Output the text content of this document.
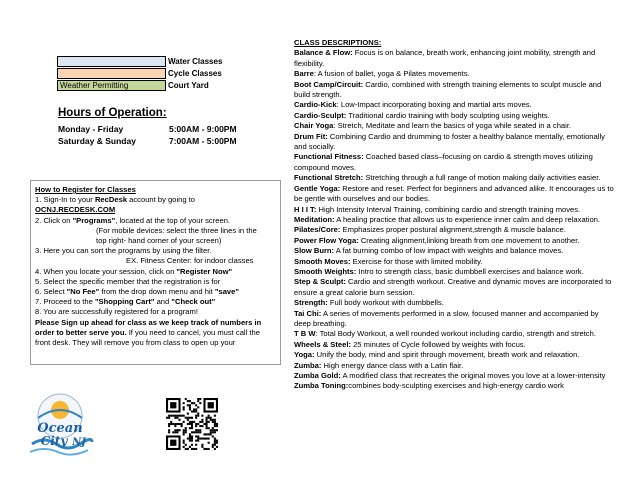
Water Classes
Cycle Classes
Weather Permitting	Court Yard
Hours of Operation:
Monday - Friday	5:00AM - 9:00PM
Saturday & Sunday	7:00AM - 5:00PM

How to Register for Classes

1. Sign-In to your RecDesk account by going to

OCNJ.RECDESK.COM

2. Click on "Programs", located at the top of your screen.

(For mobile devices: select the three lines in the

top right- hand corner of your screen)

3. Here you can sort the programs by using the filter.

EX. Fitness Center: for indoor classes

4. When you locate your session, click on "Register Now"

5. Select the specific member that the registration is for

6. Select "No Fee" from the drop down menu and hit "save"

7. Proceed to the "Shopping Cart" and "Check out"

8. You are successfully registered for a program!

Please Sign up ahead for class as we keep track of numbers in order to better serve you. If you need to cancel, you must call the front desk. They will remove you from class to open up your

Ocean
City NJ

CLASS DESCRIPTIONS:

Balance & Flow: Focus is on balance, breath work, enhancing joint mobility, strength and flexibility.

Barre: A fusion of ballet, yoga & Pilates movements.

Boot Camp/Circuit: Cardio, combined with strength training elements to sculpt muscle and build strength.

Cardio-Kick: Low-Impact incorporating boxing and martial arts moves.

Cardio-Sculpt: Traditional cardio training with body sculpting using weights.

Chair Yoga: Stretch, Meditate and learn the basics of yoga while seated in a chair.

Drum Fit: Combining Cardio and drumming to foster a healthy balance mentally, emotionally and socially.

Functional Fitness: Coached based class–focusing on cardio & strength moves utilizing compound moves.

Functional Stretch: Stretching through a full range of motion making daily activities easier.

Gentle Yoga: Restore and reset. Perfect for beginners and advanced alike. It encourages us to be gentle with ourselves and our bodies.

H I I T: High Intensity Interval Training, combining cardio and strength training moves.

Meditation: A healing practice that allows us to experience inner calm and deep relaxation.

Pilates/Core: Emphasizes proper postural alignment,strength & muscle balance.

Power Flow Yoga: Creating alignment,linking breath from one movement to another.

Slow Burn: A fat burning combo of low impact with weights and balance moves.

Smooth Moves: Exercise for those with limited mobility.

Smooth Weights: Intro to strength class, basic dumbbell exercises and balance work.

Step & Sculpt: Cardio and strength workout. Creative and dynamic moves are incorporated to ensure a great calorie burn session.

Strength: Full body workout with dumbbells.

Tai Chi: A series of movements performed in a slow, focused manner and accompanied by deep breathing.

T B W: Total Body Workout, a well rounded workout including cardio, strength and stretch.

Wheels & Steel: 25 minutes of Cycle followed by weights with focus.

Yoga: Unify the body, mind and spirit through movement, breath work and relaxation.

Zumba: High energy dance class with a Latin flair.

Zumba Gold: A modified class that recreates the original moves you love at a lower-intensity

Zumba Toning:combines body-sculpting exercises and high-energy cardio work
